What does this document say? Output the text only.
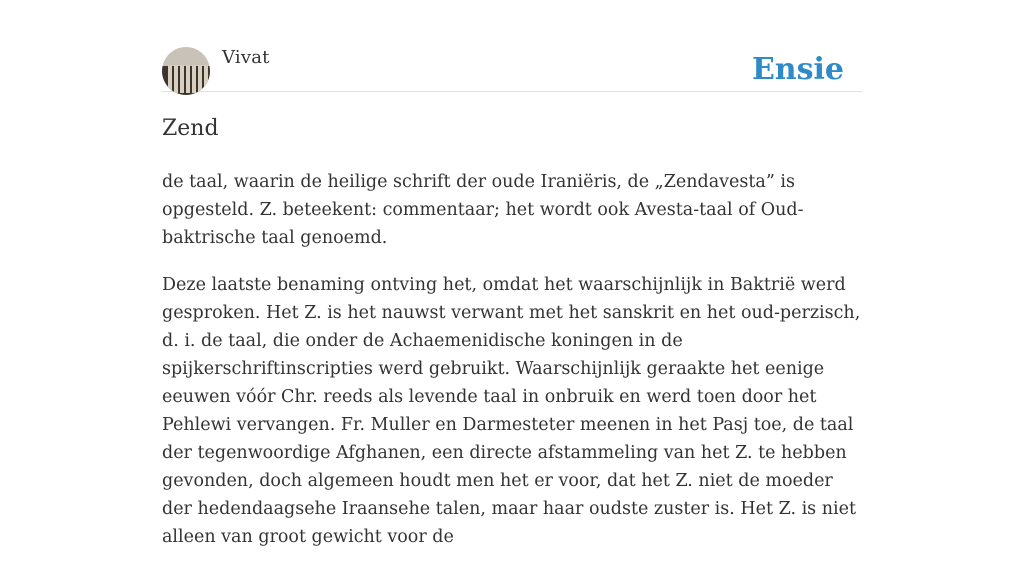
Vivat	Ensie
Zend

de taal, waarin de heilige schrift der oude Iraniëris, de „Zendavesta” is opgesteld. Z. beteekent: commentaar; het wordt ook Avesta-taal of Oud-baktrische taal genoemd.

Deze laatste benaming ontving het, omdat het waarschijnlijk in Baktrië werd gesproken. Het Z. is het nauwst verwant met het sanskrit en het oud-perzisch, d. i. de taal, die onder de Achaemenidische koningen in de spijkerschriftinscripties werd gebruikt. Waarschijnlijk geraakte het eenige eeuwen vóór Chr. reeds als levende taal in onbruik en werd toen door het Pehlewi vervangen. Fr. Muller en Darmesteter meenen in het Pasj toe, de taal der tegenwoordige Afghanen, een directe afstammeling van het Z. te hebben gevonden, doch algemeen houdt men het er voor, dat het Z. niet de moeder der hedendaagsehe Iraansehe talen, maar haar oudste zuster is. Het Z. is niet alleen van groot gewicht voor de
